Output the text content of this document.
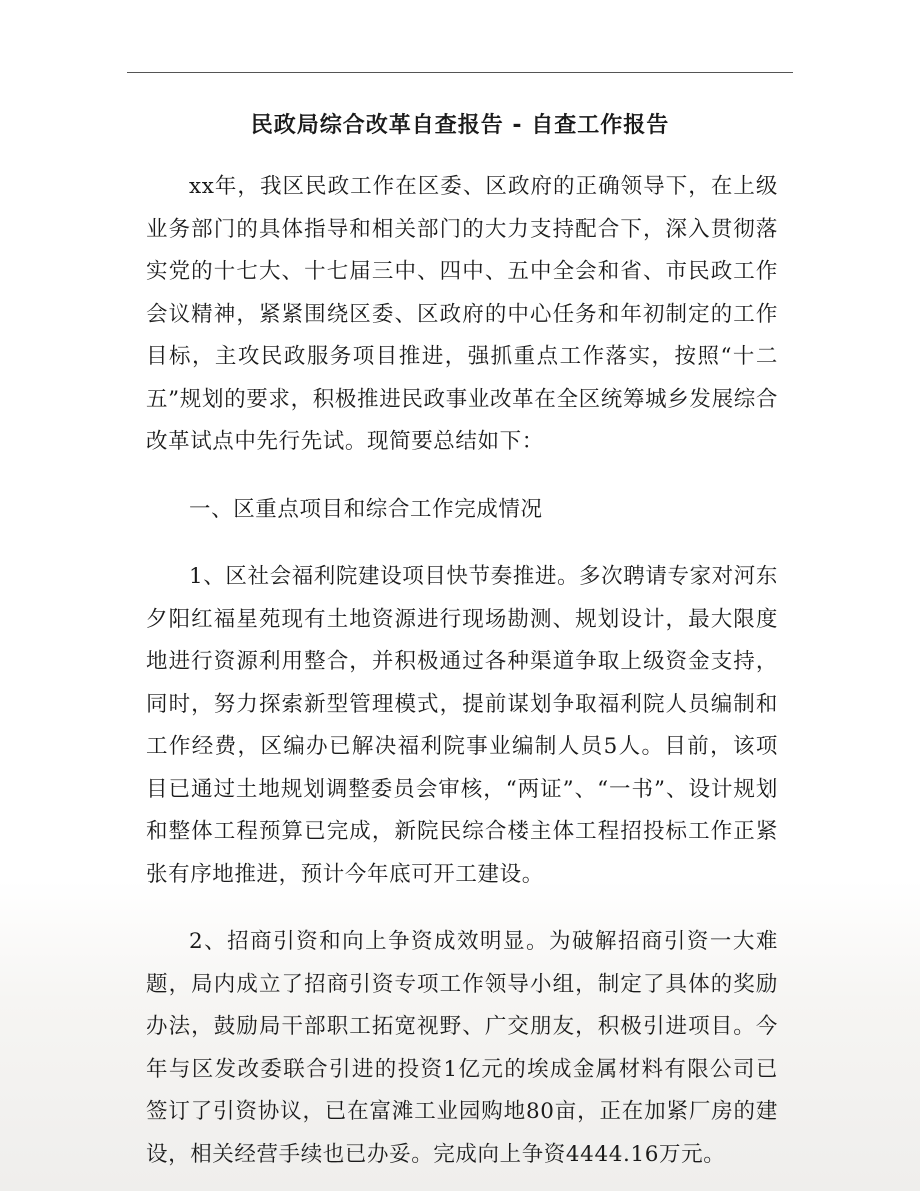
民政局综合改革自查报告 - 自查工作报告

xx年，我区民政工作在区委、区政府的正确领导下，在上级业务部门的具体指导和相关部门的大力支持配合下，深入贯彻落实党的十七大、十七届三中、四中、五中全会和省、市民政工作会议精神，紧紧围绕区委、区政府的中心任务和年初制定的工作目标，主攻民政服务项目推进，强抓重点工作落实，按照“十二五”规划的要求，积极推进民政事业改革在全区统筹城乡发展综合改革试点中先行先试。现简要总结如下：

一、区重点项目和综合工作完成情况

1、区社会福利院建设项目快节奏推进。多次聘请专家对河东夕阳红福星苑现有土地资源进行现场勘测、规划设计，最大限度地进行资源利用整合，并积极通过各种渠道争取上级资金支持，同时，努力探索新型管理模式，提前谋划争取福利院人员编制和工作经费，区编办已解决福利院事业编制人员5人。目前，该项目已通过土地规划调整委员会审核，“两证”、“一书”、设计规划和整体工程预算已完成，新院民综合楼主体工程招投标工作正紧张有序地推进，预计今年底可开工建设。

2、招商引资和向上争资成效明显。为破解招商引资一大难题，局内成立了招商引资专项工作领导小组，制定了具体的奖励办法，鼓励局干部职工拓宽视野、广交朋友，积极引进项目。今年与区发改委联合引进的投资1亿元的埃成金属材料有限公司已签订了引资协议，已在富滩工业园购地80亩，正在加紧厂房的建设，相关经营手续也已办妥。完成向上争资4444.16万元。
